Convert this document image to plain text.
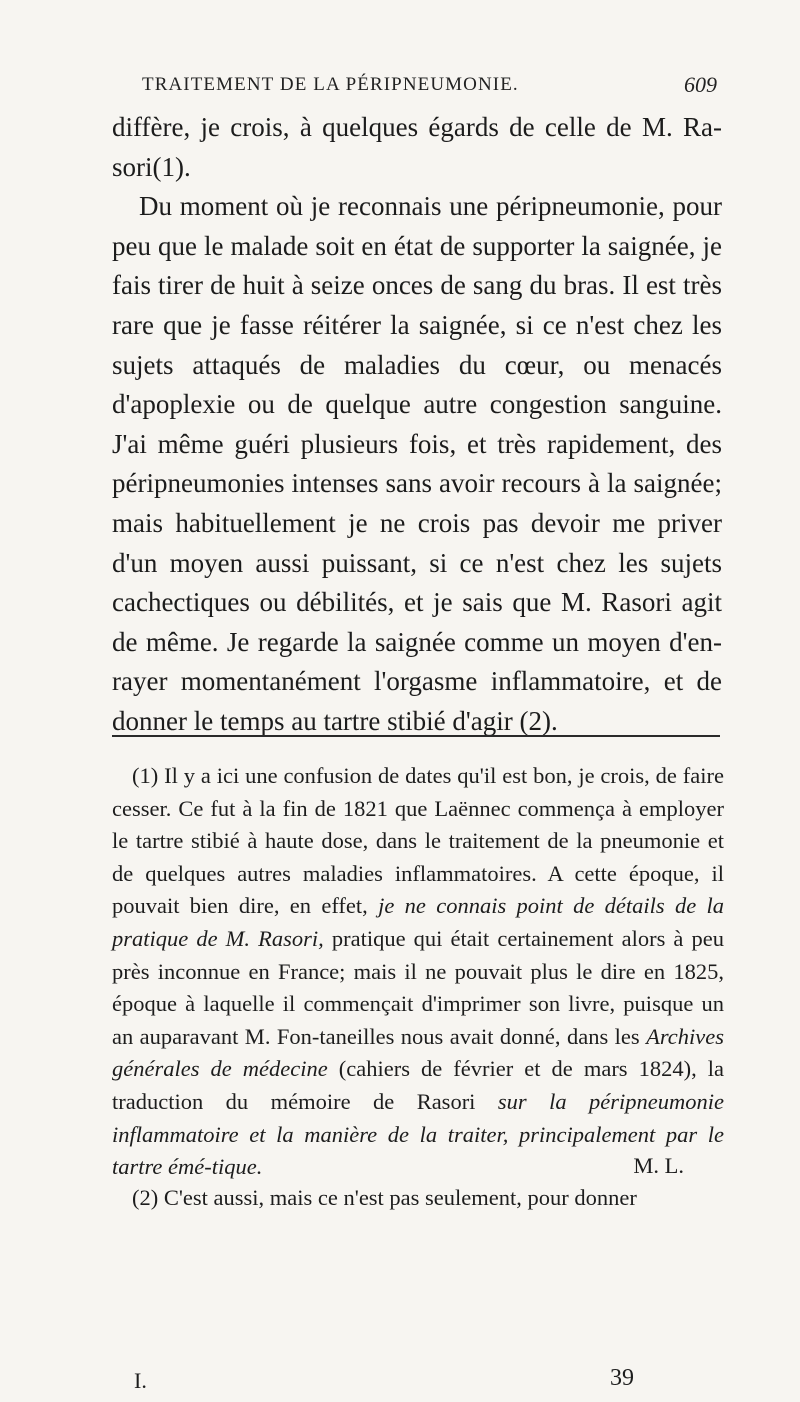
TRAITEMENT DE LA PÉRIPNEUMONIE.	609

diffère, je crois, à quelques égards de celle de M. Ra-sori(1).

Du moment où je reconnais une péripneumonie, pour peu que le malade soit en état de supporter la saignée, je fais tirer de huit à seize onces de sang du bras. Il est très rare que je fasse réitérer la saignée, si ce n'est chez les sujets attaqués de maladies du cœur, ou menacés d'apoplexie ou de quelque autre congestion sanguine. J'ai même guéri plusieurs fois, et très rapidement, des péripneumonies intenses sans avoir recours à la saignée; mais habituellement je ne crois pas devoir me priver d'un moyen aussi puissant, si ce n'est chez les sujets cachectiques ou débilités, et je sais que M. Rasori agit de même. Je regarde la saignée comme un moyen d'en-rayer momentanément l'orgasme inflammatoire, et de donner le temps au tartre stibié d'agir (2).

(1) Il y a ici une confusion de dates qu'il est bon, je crois, de faire cesser. Ce fut à la fin de 1821 que Laënnec commença à employer le tartre stibié à haute dose, dans le traitement de la pneumonie et de quelques autres maladies inflammatoires. A cette époque, il pouvait bien dire, en effet, je ne connais point de détails de la pratique de M. Rasori, pratique qui était certainement alors à peu près inconnue en France; mais il ne pouvait plus le dire en 1825, époque à laquelle il commençait d'imprimer son livre, puisque un an auparavant M. Fon-taneilles nous avait donné, dans les Archives générales de médecine (cahiers de février et de mars 1824), la traduction du mémoire de Rasori sur la péripneumonie inflammatoire et la manière de la traiter, principalement par le tartre émé-tique.	M. L.

(2) C'est aussi, mais ce n'est pas seulement, pour donner

I.	39
